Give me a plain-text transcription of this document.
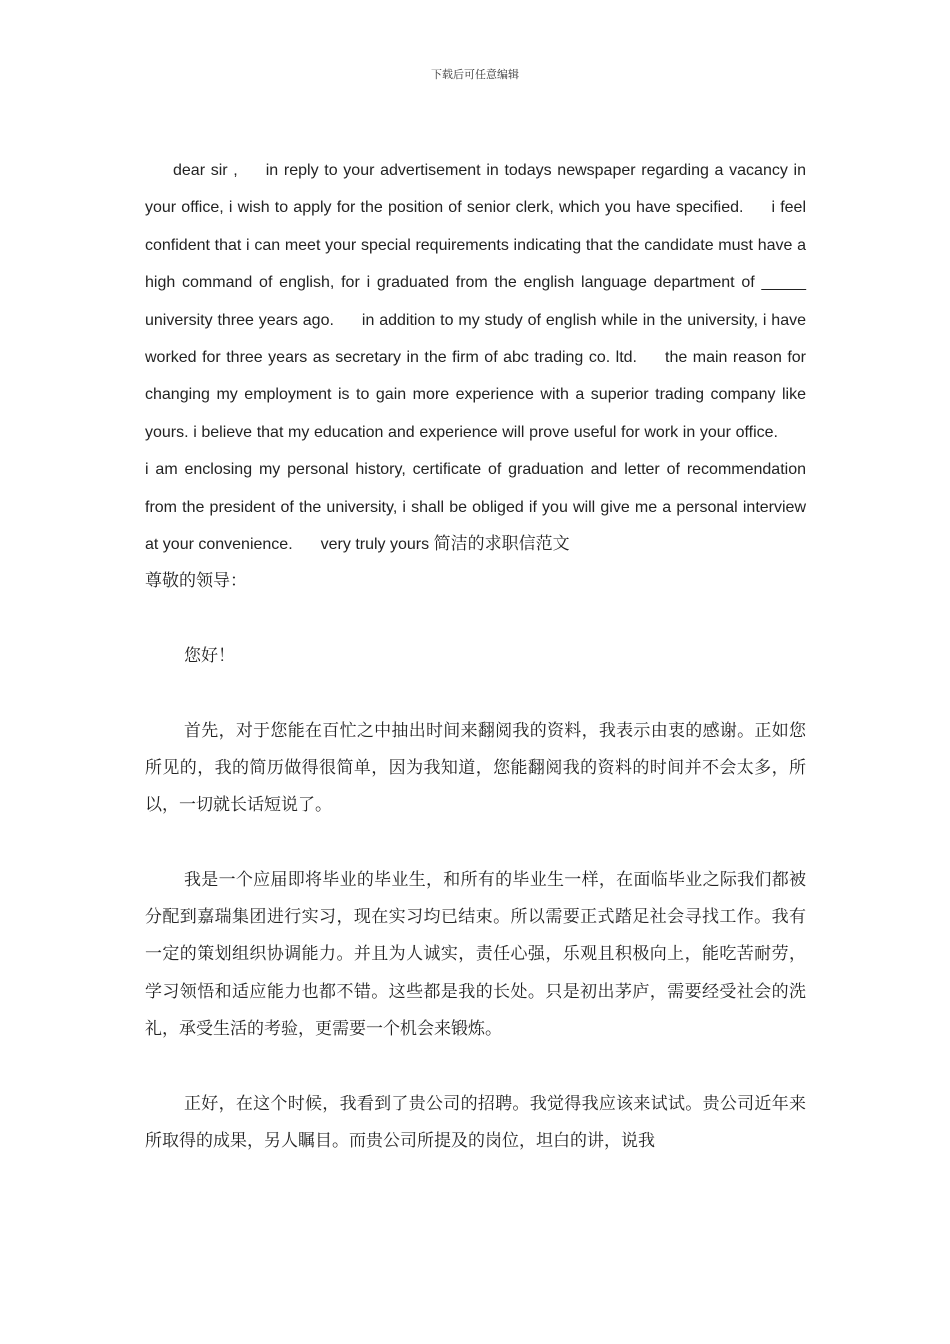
下载后可任意编辑

dear sir , in reply to your advertisement in todays newspaper regarding a vacancy in your office, i wish to apply for the position of senior clerk, which you have specified. i feel confident that i can meet your special requirements indicating that the candidate must have a high command of english, for i graduated from the english language department of _____ university three years ago. in addition to my study of english while in the university, i have worked for three years as secretary in the firm of abc trading co. ltd. the main reason for changing my employment is to gain more experience with a superior trading company like yours. i believe that my education and experience will prove useful for work in your office.i am enclosing my personal history, certificate of graduation and letter of recommendation from the president of the university, i shall be obliged if you will give me a personal interview at your convenience. very truly yours 简洁的求职信范文

尊敬的领导：

您好！

首先，对于您能在百忙之中抽出时间来翻阅我的资料，我表示由衷的感谢。正如您所见的，我的简历做得很简单，因为我知道，您能翻阅我的资料的时间并不会太多，所以，一切就长话短说了。

我是一个应届即将毕业的毕业生，和所有的毕业生一样，在面临毕业之际我们都被分配到嘉瑞集团进行实习，现在实习均已结束。所以需要正式踏足社会寻找工作。我有一定的策划组织协调能力。并且为人诚实，责任心强，乐观且积极向上，能吃苦耐劳，学习领悟和适应能力也都不错。这些都是我的长处。只是初出茅庐，需要经受社会的洗礼，承受生活的考验，更需要一个机会来锻炼。

正好，在这个时候，我看到了贵公司的招聘。我觉得我应该来试试。贵公司近年来所取得的成果，另人瞩目。而贵公司所提及的岗位，坦白的讲，说我
